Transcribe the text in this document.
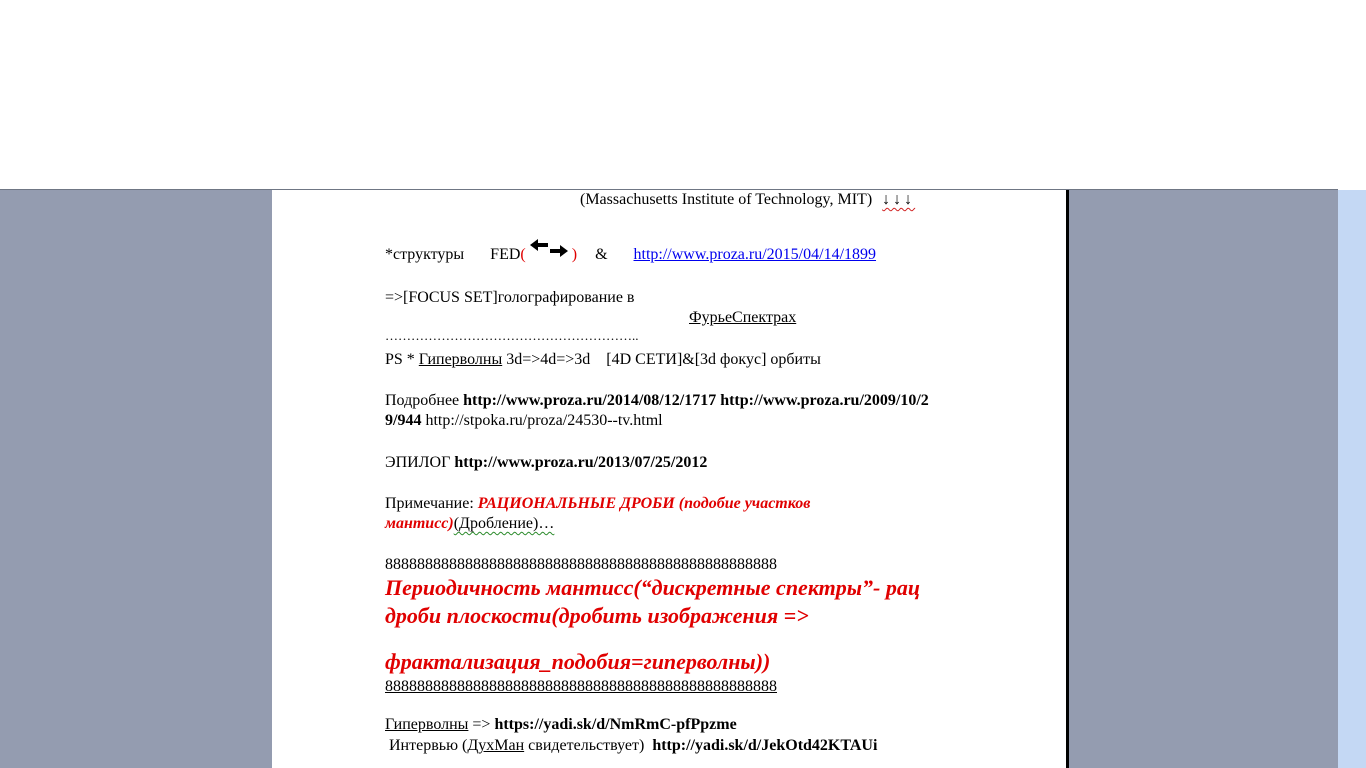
(Massachusetts Institute of Technology, MIT) ↓↓↓
*структуры FED(	) & http://www.proza.ru/2015/04/14/1899
=>[FOCUS SET]голографирование в
ФурьеСпектрах
…………………………………………………..
PS * Гиперволны 3d=>4d=>3d    [4D СЕТИ]&[3d фокус] орбиты
Подробнее http://www.proza.ru/2014/08/12/1717 http://www.proza.ru/2009/10/2
9/944 http://stpoka.ru/proza/24530--tv.html
ЭПИЛОГ http://www.proza.ru/2013/07/25/2012
Примечание: РАЦИОНАЛЬНЫЕ ДРОБИ (подобие участков
мантисс)(Дробление)…
8888888888888888888888888888888888888888888888888
Периодичность мантисс(“дискретные спектры”- рац
дроби плоскости(дробить изображения =>
фрактализация_подобия=гиперволны))
8888888888888888888888888888888888888888888888888
Гиперволны => https://yadi.sk/d/NmRmC-pfPpzme
Интервью (ДухМан свидетельствует)  http://yadi.sk/d/JekOtd42KTAUi
